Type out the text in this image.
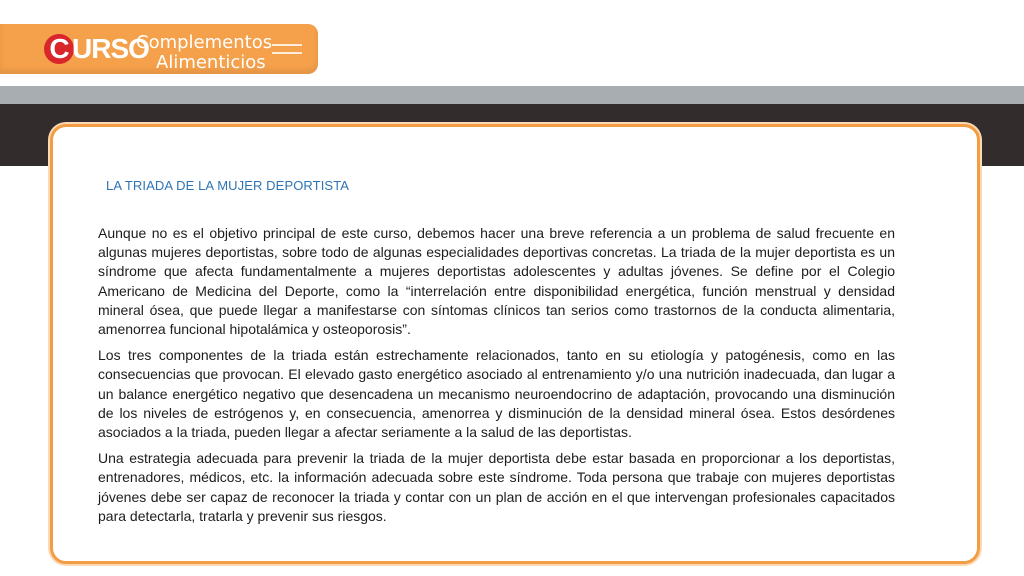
C URSO
Complementos
Alimenticios
LA TRIADA DE LA MUJER DEPORTISTA

Aunque no es el objetivo principal de este curso, debemos hacer una breve referencia a un problema de salud frecuente en algunas mujeres deportistas, sobre todo de algunas especialidades deportivas concretas. La triada de la mujer deportista es un síndrome que afecta fundamentalmente a mujeres deportistas adolescentes y adultas jóvenes. Se define por el Colegio Americano de Medicina del Deporte, como la “interrelación entre disponibilidad energética, función menstrual y densidad mineral ósea, que puede llegar a manifestarse con síntomas clínicos tan serios como trastornos de la conducta alimentaria, amenorrea funcional hipotalámica y osteoporosis”.

Los tres componentes de la triada están estrechamente relacionados, tanto en su etiología y patogénesis, como en las consecuencias que provocan. El elevado gasto energético asociado al entrenamiento y/o una nutrición inadecuada, dan lugar a un balance energético negativo que desencadena un mecanismo neuroendocrino de adaptación, provocando una disminución de los niveles de estrógenos y, en consecuencia, amenorrea y disminución de la densidad mineral ósea. Estos desórdenes asociados a la triada, pueden llegar a afectar seriamente a la salud de las deportistas.

Una estrategia adecuada para prevenir la triada de la mujer deportista debe estar basada en proporcionar a los deportistas, entrenadores, médicos, etc. la información adecuada sobre este síndrome. Toda persona que trabaje con mujeres deportistas jóvenes debe ser capaz de reconocer la triada y contar con un plan de acción en el que intervengan profesionales capacitados para detectarla, tratarla y prevenir sus riesgos.
